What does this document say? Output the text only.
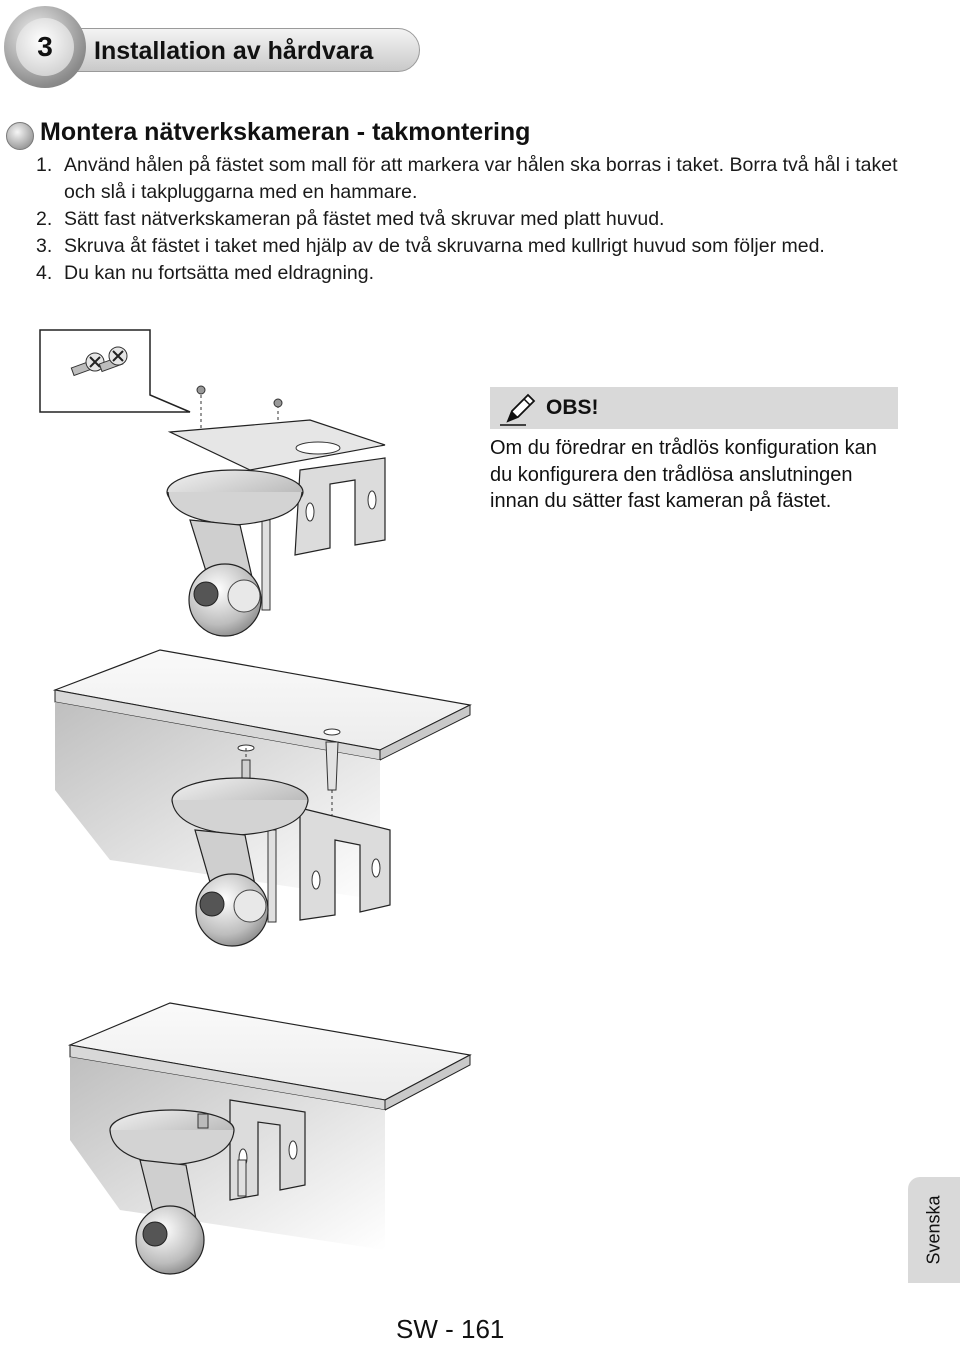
3	Installation av hårdvara
Montera nätverkskameran - takmontering
1. Använd hålen på fästet som mall för att markera var hålen ska borras i taket. Borra två hål i taket och slå i takpluggarna med en hammare.
2. Sätt fast nätverkskameran på fästet med två skruvar med platt huvud.
3. Skruva åt fästet i taket med hjälp av de två skruvarna med kullrigt huvud som följer med.
4. Du kan nu fortsätta med eldragning.
OBS!
Om du föredrar en trådlös konfiguration kan du konfigurera den trådlösa anslutningen innan du sätter fast kameran på fästet.
Svenska
SW - 161
